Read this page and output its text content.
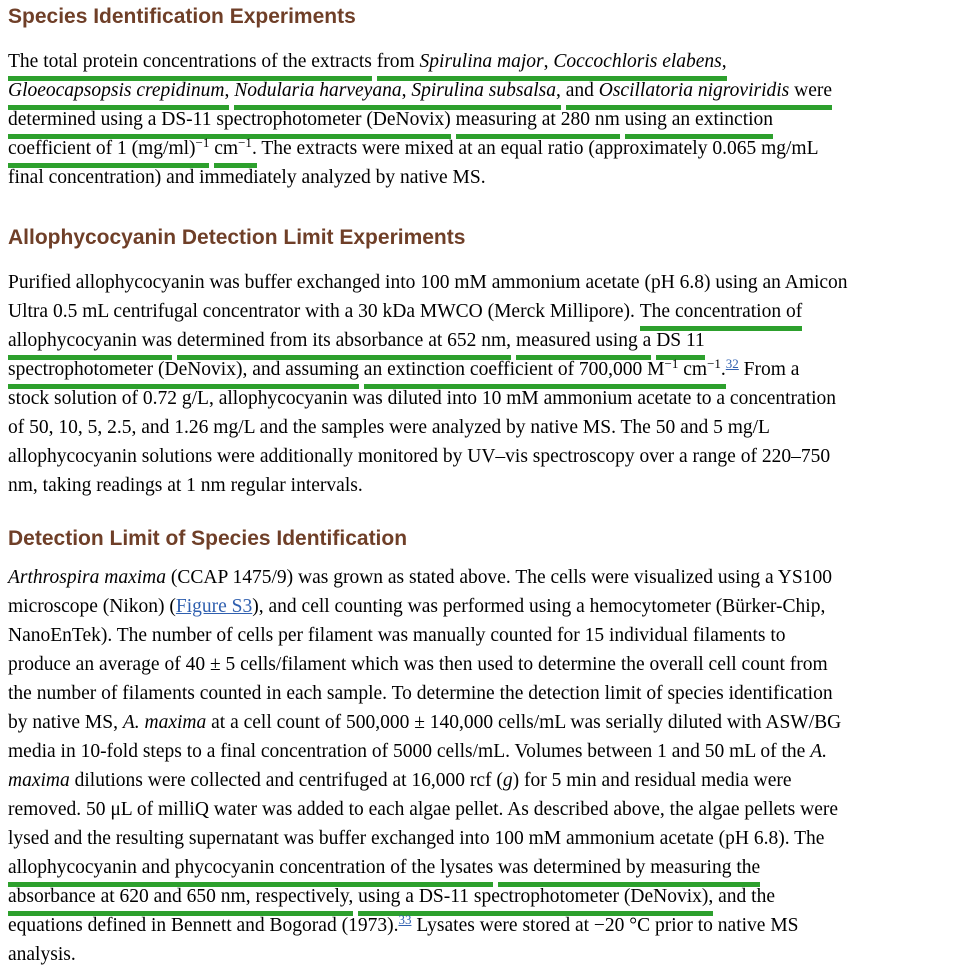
Species Identification Experiments
The total protein concentrations of the extracts from Spirulina major, Coccochloris elabens,
Gloeocapsopsis crepidinum, Nodularia harveyana, Spirulina subsalsa, and Oscillatoria nigroviridis were
determined using a DS-11 spectrophotometer (DeNovix) measuring at 280 nm using an extinction
coefficient of 1 $(mg/ml)^{-1}$ $cm^{-1}$. The extracts were mixed at an equal ratio (approximately 0.065 mg/mL
final concentration) and immediately analyzed by native MS.
Allophycocyanin Detection Limit Experiments
Purified allophycocyanin was buffer exchanged into 100 mM ammonium acetate (pH 6.8) using an Amicon
Ultra 0.5 mL centrifugal concentrator with a 30 kDa MWCO (Merck Millipore). The concentration of
allophycocyanin was determined from its absorbance at 652 nm, measured using a DS 11
spectrophotometer (DeNovix), and assuming an extinction coefficient of 700,000 $M^{-1}$ $cm^{-1}.^{32}$ From a
stock solution of 0.72 g/L, allophycocyanin was diluted into 10 mM ammonium acetate to a concentration
of 50, 10, 5, 2.5, and 1.26 mg/L and the samples were analyzed by native MS. The 50 and 5 mg/L
allophycocyanin solutions were additionally monitored by UV–vis spectroscopy over a range of 220–750
nm, taking readings at 1 nm regular intervals.
Detection Limit of Species Identification
Arthrospira maxima (CCAP 1475/9) was grown as stated above. The cells were visualized using a YS100
microscope (Nikon) (Figure S3), and cell counting was performed using a hemocytometer (Bürker-Chip,
NanoEnTek). The number of cells per filament was manually counted for 15 individual filaments to
produce an average of 40 ± 5 cells/filament which was then used to determine the overall cell count from
the number of filaments counted in each sample. To determine the detection limit of species identification
by native MS, A. maxima at a cell count of 500,000 ± 140,000 cells/mL was serially diluted with ASW/BG
media in 10-fold steps to a final concentration of 5000 cells/mL. Volumes between 1 and 50 mL of the A.
maxima dilutions were collected and centrifuged at 16,000 rcf (g) for 5 min and residual media were
removed. 50 μL of milliQ water was added to each algae pellet. As described above, the algae pellets were
lysed and the resulting supernatant was buffer exchanged into 100 mM ammonium acetate (pH 6.8). The
allophycocyanin and phycocyanin concentration of the lysates was determined by measuring the
absorbance at 620 and 650 nm, respectively, using a DS-11 spectrophotometer (DeNovix), and the
equations defined in Bennett and Bogorad (1973).$^{33}$ Lysates were stored at −20 °C prior to native MS
analysis.
